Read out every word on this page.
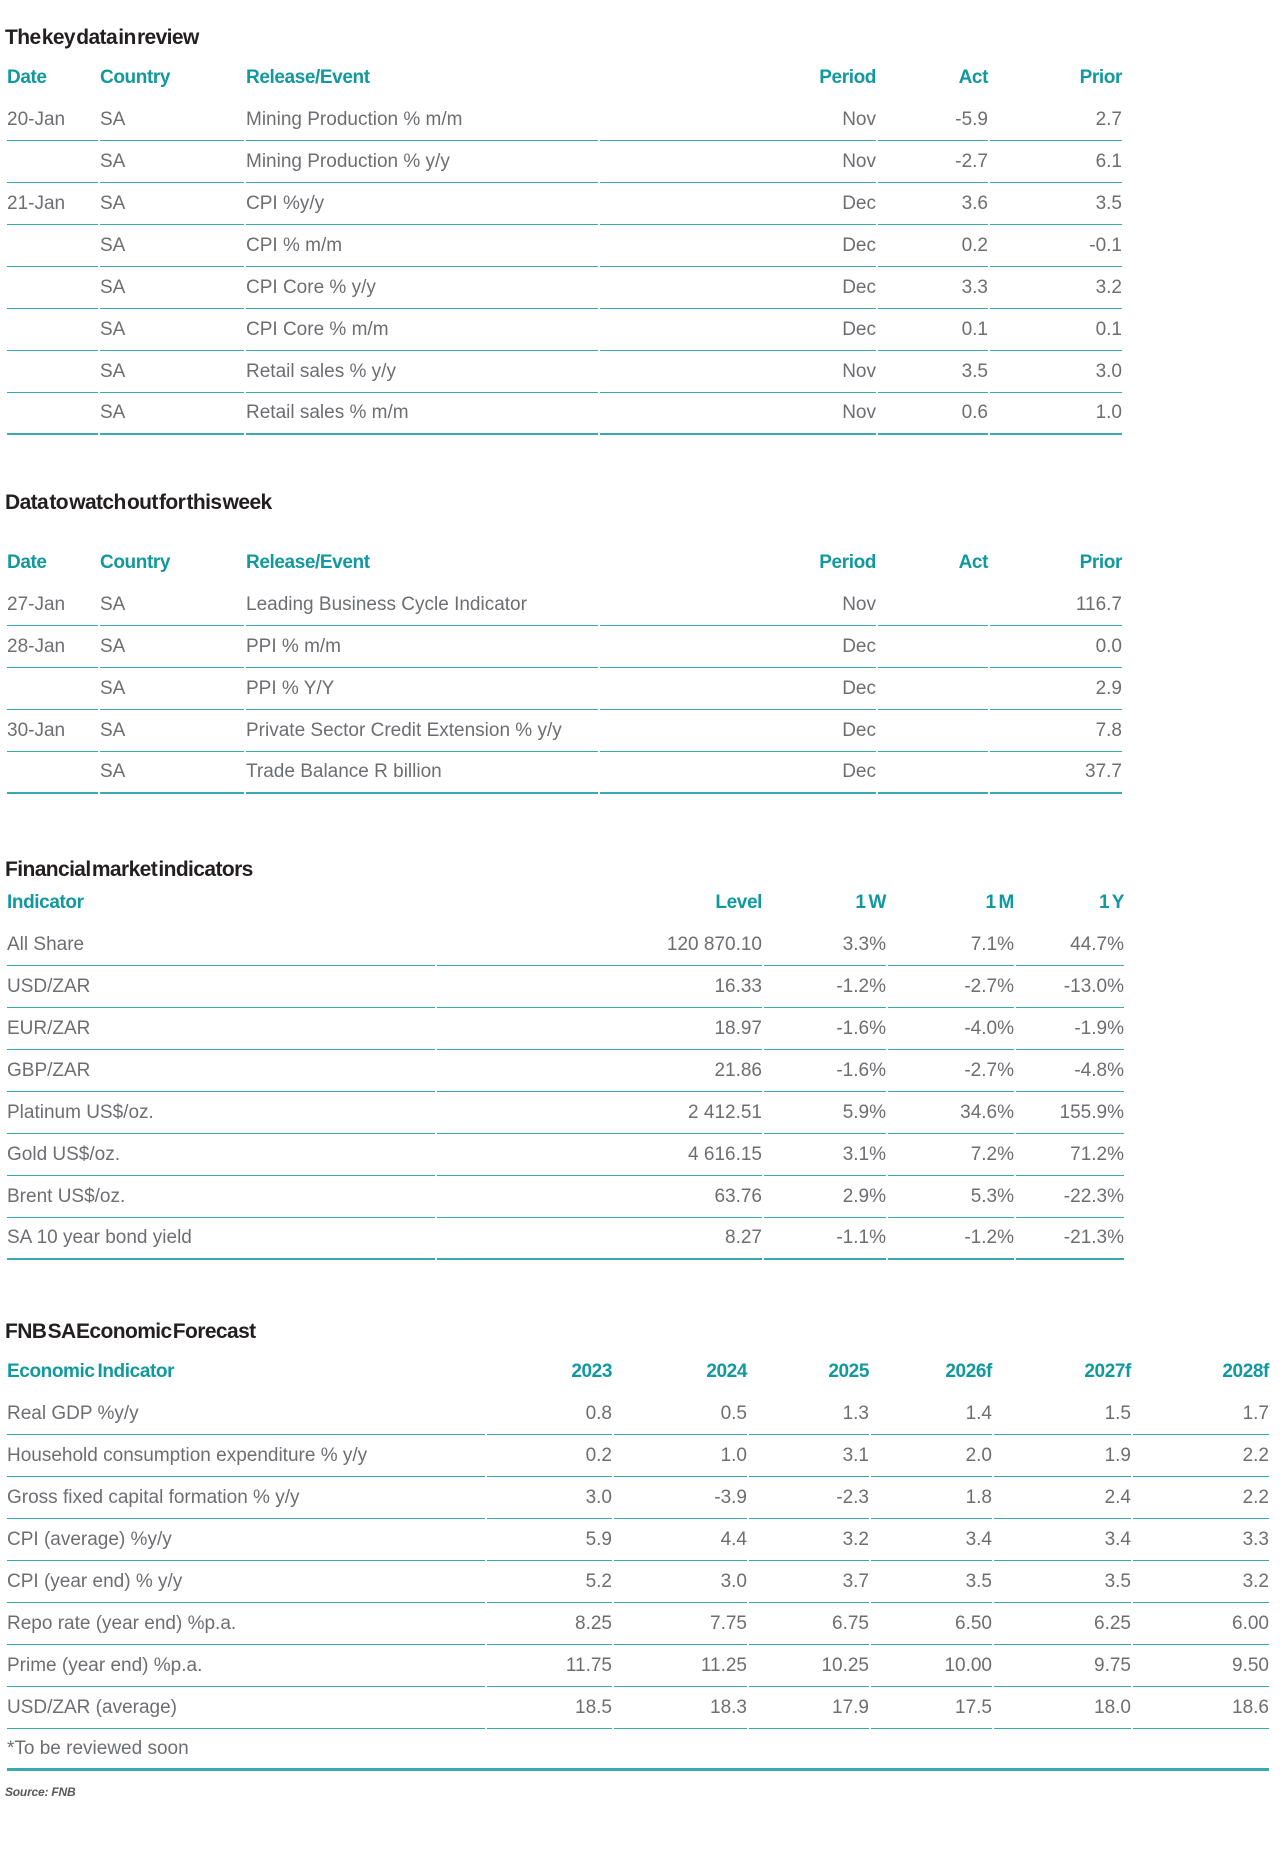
The key data in review
Date	Country	Release/Event	Period	Act	Prior
20-Jan	SA	Mining Production % m/m	Nov	-5.9	2.7
	SA	Mining Production % y/y	Nov	-2.7	6.1
21-Jan	SA	CPI %y/y	Dec	3.6	3.5
	SA	CPI % m/m	Dec	0.2	-0.1
	SA	CPI Core % y/y	Dec	3.3	3.2
	SA	CPI Core % m/m	Dec	0.1	0.1
	SA	Retail sales % y/y	Nov	3.5	3.0
	SA	Retail sales % m/m	Nov	0.6	1.0
Data to watch out for this week
Date	Country	Release/Event	Period	Act	Prior
27-Jan	SA	Leading Business Cycle Indicator	Nov		116.7
28-Jan	SA	PPI % m/m	Dec		0.0
	SA	PPI % Y/Y	Dec		2.9
30-Jan	SA	Private Sector Credit Extension % y/y	Dec		7.8
	SA	Trade Balance R billion	Dec		37.7
Financial market indicators
Indicator	Level	1 W	1 M	1 Y
All Share	120 870.10	3.3%	7.1%	44.7%
USD/ZAR	16.33	-1.2%	-2.7%	-13.0%
EUR/ZAR	18.97	-1.6%	-4.0%	-1.9%
GBP/ZAR	21.86	-1.6%	-2.7%	-4.8%
Platinum US$/oz.	2 412.51	5.9%	34.6%	155.9%
Gold US$/oz.	4 616.15	3.1%	7.2%	71.2%
Brent US$/oz.	63.76	2.9%	5.3%	-22.3%
SA 10 year bond yield	8.27	-1.1%	-1.2%	-21.3%
FNB SA Economic Forecast
Economic Indicator	2023	2024	2025	2026f	2027f	2028f
Real GDP %y/y	0.8	0.5	1.3	1.4	1.5	1.7
Household consumption expenditure % y/y	0.2	1.0	3.1	2.0	1.9	2.2
Gross fixed capital formation % y/y	3.0	-3.9	-2.3	1.8	2.4	2.2
CPI (average) %y/y	5.9	4.4	3.2	3.4	3.4	3.3
CPI (year end) % y/y	5.2	3.0	3.7	3.5	3.5	3.2
Repo rate (year end) %p.a.	8.25	7.75	6.75	6.50	6.25	6.00
Prime (year end) %p.a.	11.75	11.25	10.25	10.00	9.75	9.50
USD/ZAR (average)	18.5	18.3	17.9	17.5	18.0	18.6
*To be reviewed soon						
Source: FNB
